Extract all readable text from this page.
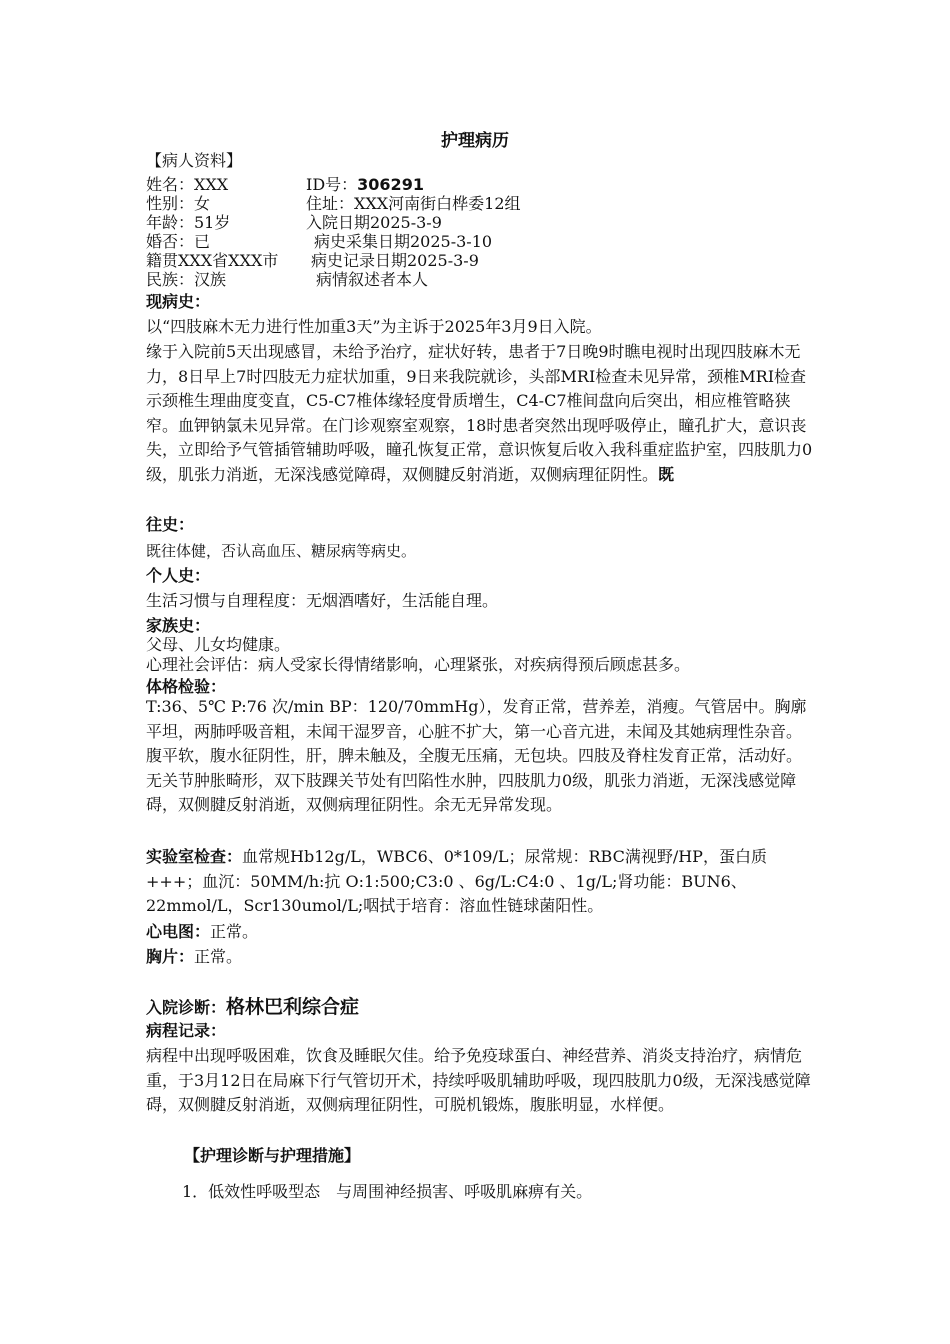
护理病历
【病人资料】
姓名：XXX	ID号：306291
性别：女	住址：XXX河南街白桦委12组
年龄：51岁	入院日期2025-3-9
婚否：已	病史采集日期2025-3-10
籍贯XXX省XXX市 病史记录日期2025-3-9
民族：汉族	病情叙述者本人
现病史：
以“四肢麻木无力进行性加重3天”为主诉于2025年3月9日入院。
缘于入院前5天出现感冒，未给予治疗，症状好转，患者于7日晚9时瞧电视时出现四肢麻木无力，8日早上7时四肢无力症状加重，9日来我院就诊，头部MRI检查未见异常，颈椎MRI检查示颈椎生理曲度变直，C5-C7椎体缘轻度骨质增生，C4-C7椎间盘向后突出，相应椎管略狭窄。血钾钠氯未见异常。在门诊观察室观察，18时患者突然出现呼吸停止，瞳孔扩大，意识丧失，立即给予气管插管辅助呼吸，瞳孔恢复正常，意识恢复后收入我科重症监护室，四肢肌力0级，肌张力消逝，无深浅感觉障碍，双侧腱反射消逝，双侧病理征阴性。既
往史：
既往体健，否认高血压、糖尿病等病史。
个人史：
生活习惯与自理程度：无烟酒嗜好，生活能自理。
家族史：
父母、儿女均健康。
心理社会评估：病人受家长得情绪影响，心理紧张，对疾病得预后顾虑甚多。
体格检验：
T:36、5℃ P:76 次/min BP：120/70mmHg），发育正常，营养差，消瘦。气管居中。胸廓平坦，两肺呼吸音粗，未闻干湿罗音，心脏不扩大，第一心音亢进，未闻及其她病理性杂音。腹平软，腹水征阴性，肝，脾未触及，全腹无压痛，无包块。四肢及脊柱发育正常，活动好。无关节肿胀畸形，双下肢踝关节处有凹陷性水肿，四肢肌力0级，肌张力消逝，无深浅感觉障碍，双侧腱反射消逝，双侧病理征阴性。余无无异常发现。
实验室检查：血常规Hb12g/L，WBC6、0*109/L；尿常规：RBC满视野/HP，蛋白质+++；血沉：50MM/h:抗 O:1:500;C3:0 、6g/L:C4:0 、1g/L;肾功能：BUN6、22mmol/L，Scr130umol/L;咽拭于培育：溶血性链球菌阳性。
心电图：正常。
胸片：正常。
入院诊断：格林巴利综合症
病程记录：
病程中出现呼吸困难，饮食及睡眠欠佳。给予免疫球蛋白、神经营养、消炎支持治疗，病情危重，于3月12日在局麻下行气管切开术，持续呼吸肌辅助呼吸，现四肢肌力0级，无深浅感觉障碍，双侧腱反射消逝，双侧病理征阴性，可脱机锻炼，腹胀明显，水样便。
【护理诊断与护理措施】
1．低效性呼吸型态　与周围神经损害、呼吸肌麻痹有关。
